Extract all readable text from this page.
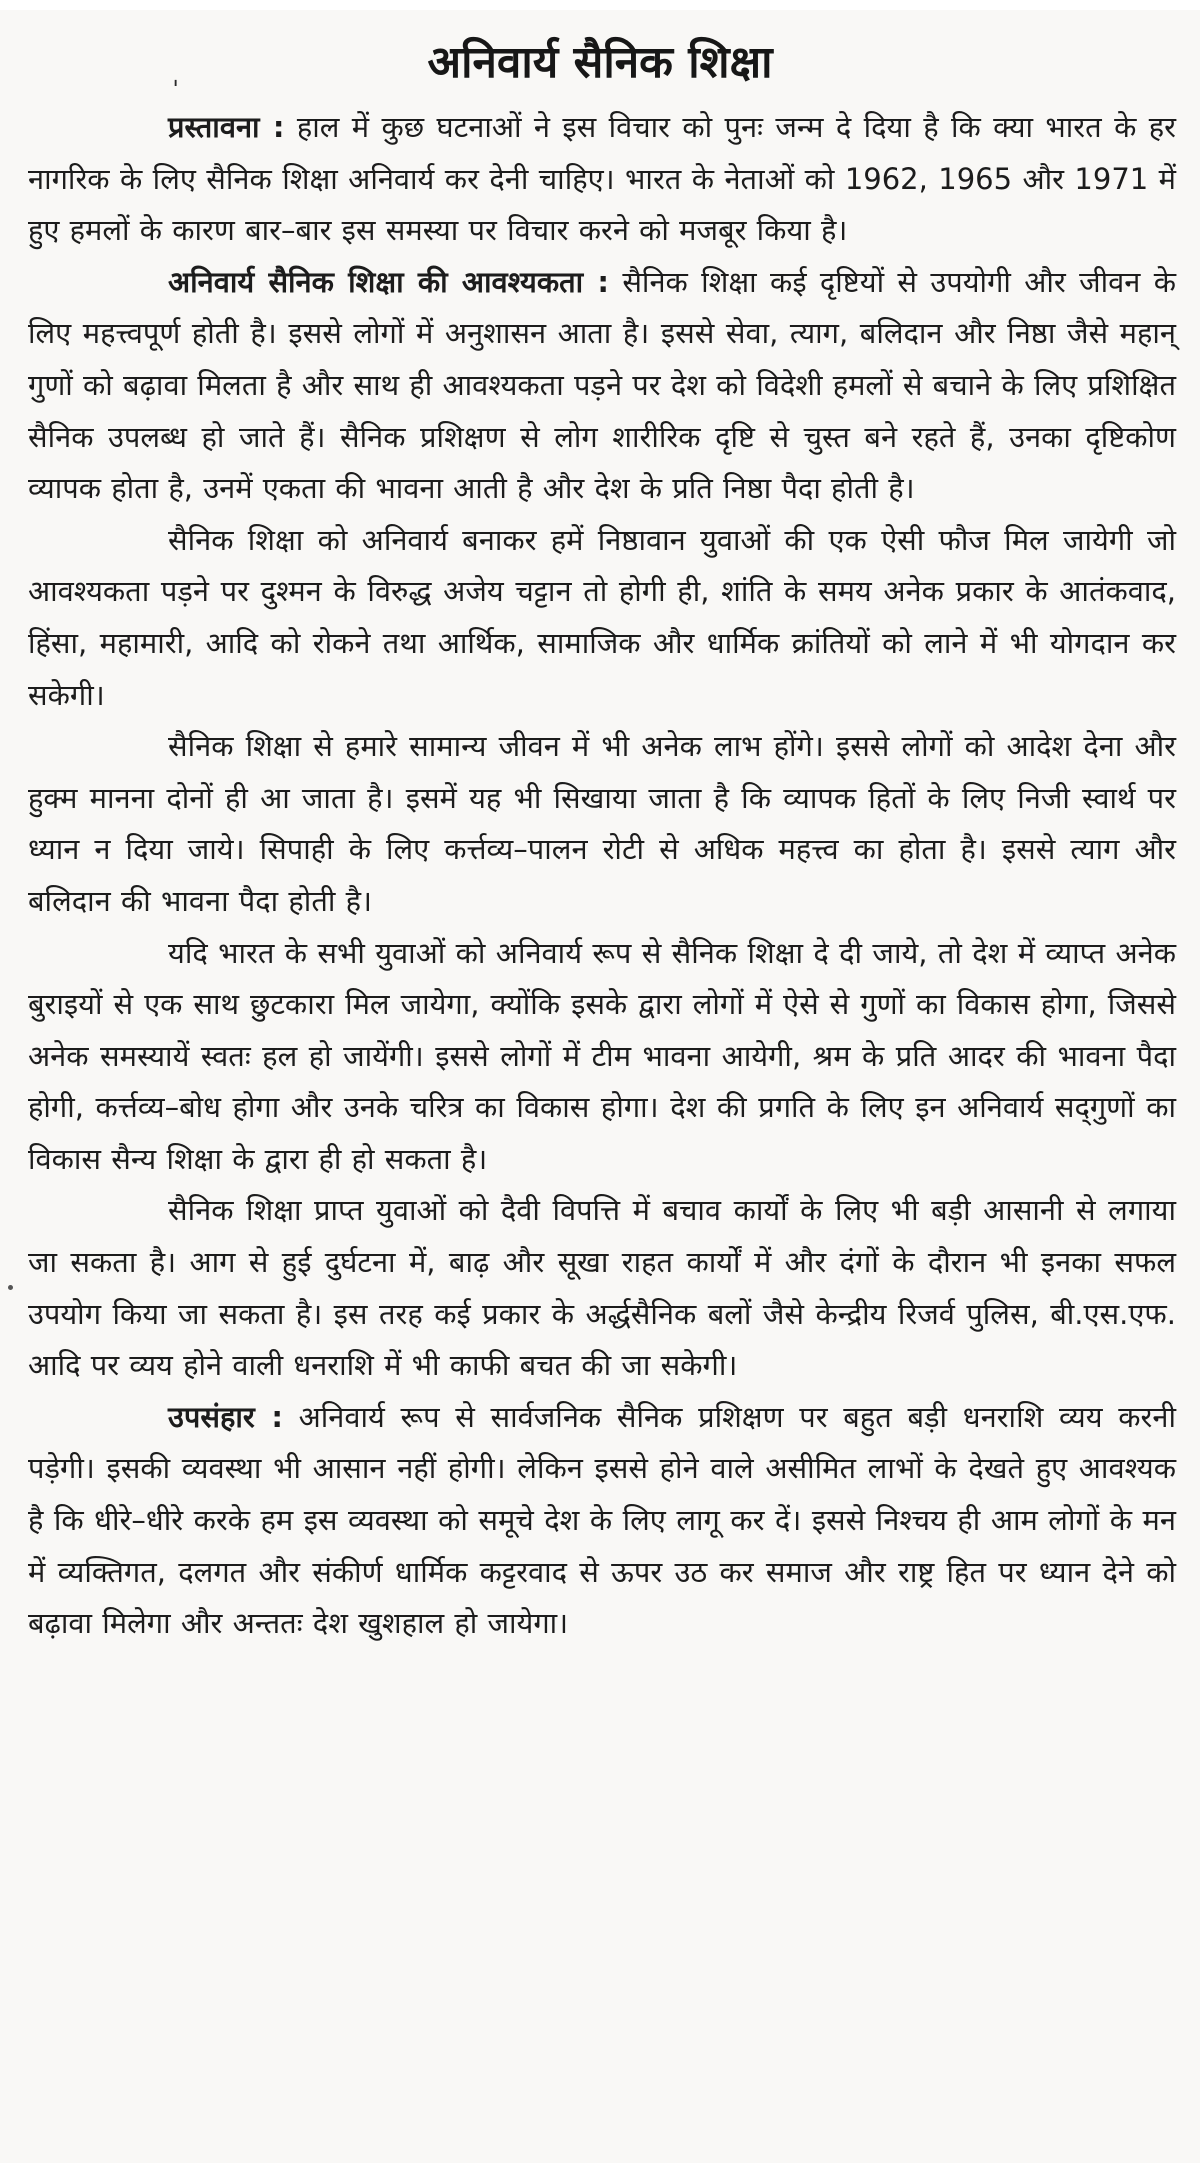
ˌ	अनिवार्य सैनिक शिक्षा

प्रस्तावना : हाल में कुछ घटनाओं ने इस विचार को पुनः जन्म दे दिया है कि क्या भारत के हर नागरिक के लिए सैनिक शिक्षा अनिवार्य कर देनी चाहिए। भारत के नेताओं को 1962, 1965 और 1971 में हुए हमलों के कारण बार–बार इस समस्या पर विचार करने को मजबूर किया है।

अनिवार्य सैनिक शिक्षा की आवश्यकता : सैनिक शिक्षा कई दृष्टियों से उपयोगी और जीवन के लिए महत्त्वपूर्ण होती है। इससे लोगों में अनुशासन आता है। इससे सेवा, त्याग, बलिदान और निष्ठा जैसे महान् गुणों को बढ़ावा मिलता है और साथ ही आवश्यकता पड़ने पर देश को विदेशी हमलों से बचाने के लिए प्रशिक्षित सैनिक उपलब्ध हो जाते हैं। सैनिक प्रशिक्षण से लोग शारीरिक दृष्टि से चुस्त बने रहते हैं, उनका दृष्टिकोण व्यापक होता है, उनमें एकता की भावना आती है और देश के प्रति निष्ठा पैदा होती है।

सैनिक शिक्षा को अनिवार्य बनाकर हमें निष्ठावान युवाओं की एक ऐसी फौज मिल जायेगी जो आवश्यकता पड़ने पर दुश्मन के विरुद्ध अजेय चट्टान तो होगी ही, शांति के समय अनेक प्रकार के आतंकवाद, हिंसा, महामारी, आदि को रोकने तथा आर्थिक, सामाजिक और धार्मिक क्रांतियों को लाने में भी योगदान कर सकेगी।

सैनिक शिक्षा से हमारे सामान्य जीवन में भी अनेक लाभ होंगे। इससे लोगों को आदेश देना और हुक्म मानना दोनों ही आ जाता है। इसमें यह भी सिखाया जाता है कि व्यापक हितों के लिए निजी स्वार्थ पर ध्यान न दिया जाये। सिपाही के लिए कर्त्तव्य–पालन रोटी से अधिक महत्त्व का होता है। इससे त्याग और बलिदान की भावना पैदा होती है।

यदि भारत के सभी युवाओं को अनिवार्य रूप से सैनिक शिक्षा दे दी जाये, तो देश में व्याप्त अनेक बुराइयों से एक साथ छुटकारा मिल जायेगा, क्योंकि इसके द्वारा लोगों में ऐसे से गुणों का विकास होगा, जिससे अनेक समस्यायें स्वतः हल हो जायेंगी। इससे लोगों में टीम भावना आयेगी, श्रम के प्रति आदर की भावना पैदा होगी, कर्त्तव्य–बोध होगा और उनके चरित्र का विकास होगा। देश की प्रगति के लिए इन अनिवार्य सद्‌गुणों का विकास सैन्य शिक्षा के द्वारा ही हो सकता है।

सैनिक शिक्षा प्राप्त युवाओं को दैवी विपत्ति में बचाव कार्यों के लिए भी बड़ी आसानी से लगाया जा सकता है। आग से हुई दुर्घटना में, बाढ़ और सूखा राहत कार्यों में और दंगों के दौरान भी इनका सफल उपयोग किया जा सकता है। इस तरह कई प्रकार के अर्द्धसैनिक बलों जैसे केन्द्रीय रिजर्व पुलिस, बी.एस.एफ. आदि पर व्यय होने वाली धनराशि में भी काफी बचत की जा सकेगी।

उपसंहार : अनिवार्य रूप से सार्वजनिक सैनिक प्रशिक्षण पर बहुत बड़ी धनराशि व्यय करनी पड़ेगी। इसकी व्यवस्था भी आसान नहीं होगी। लेकिन इससे होने वाले असीमित लाभों के देखते हुए आवश्यक है कि धीरे–धीरे करके हम इस व्यवस्था को समूचे देश के लिए लागू कर दें। इससे निश्चय ही आम लोगों के मन में व्यक्तिगत, दलगत और संकीर्ण धार्मिक कट्टरवाद से ऊपर उठ कर समाज और राष्ट्र हित पर ध्यान देने को बढ़ावा मिलेगा और अन्ततः देश खुशहाल हो जायेगा।
